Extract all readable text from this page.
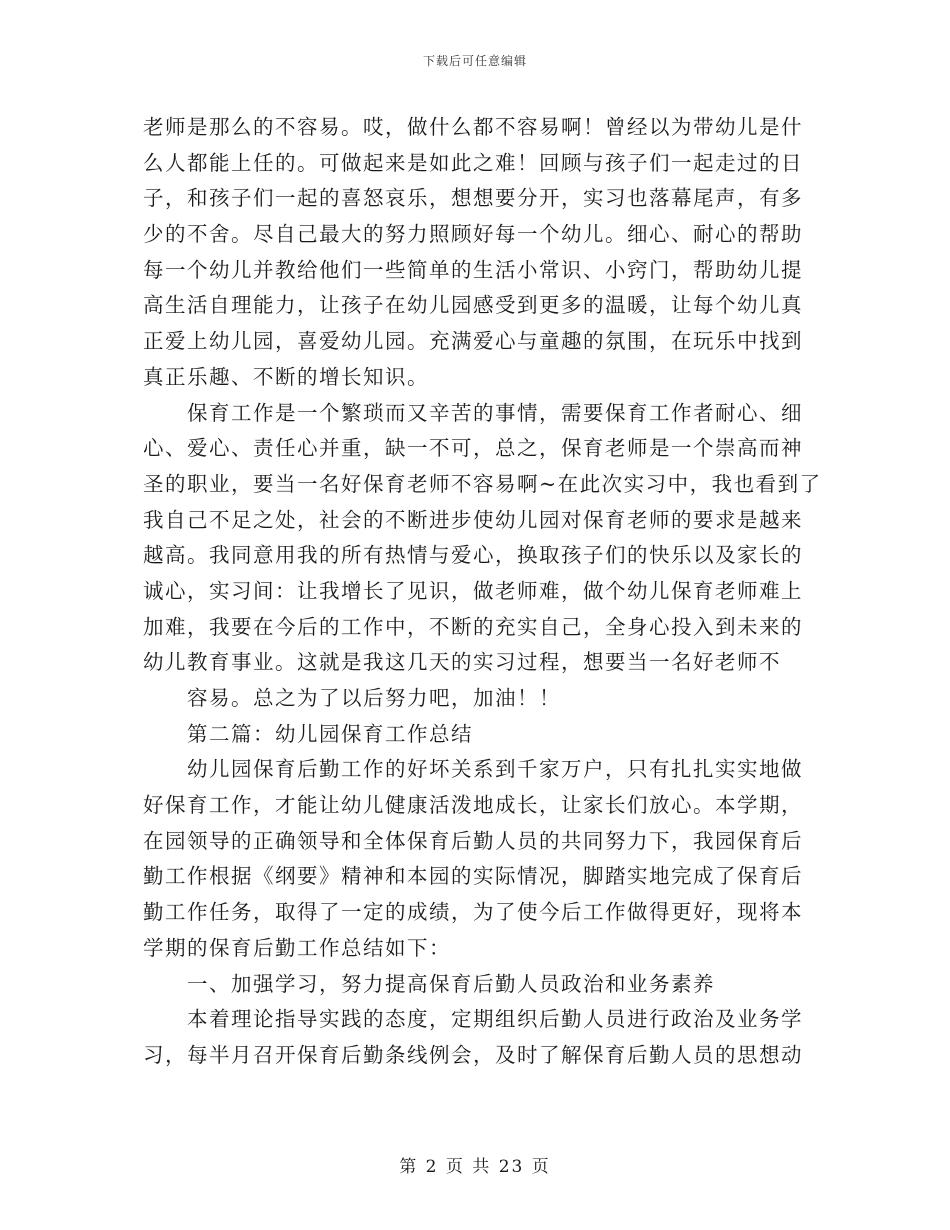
下载后可任意编辑
老师是那么的不容易。哎，做什么都不容易啊！曾经以为带幼儿是什
么人都能上任的。可做起来是如此之难！回顾与孩子们一起走过的日
子，和孩子们一起的喜怒哀乐，想想要分开，实习也落幕尾声，有多
少的不舍。尽自己最大的努力照顾好每一个幼儿。细心、耐心的帮助
每一个幼儿并教给他们一些简单的生活小常识、小窍门，帮助幼儿提
高生活自理能力，让孩子在幼儿园感受到更多的温暖，让每个幼儿真
正爱上幼儿园，喜爱幼儿园。充满爱心与童趣的氛围，在玩乐中找到
真正乐趣、不断的增长知识。
　　保育工作是一个繁琐而又辛苦的事情，需要保育工作者耐心、细
心、爱心、责任心并重，缺一不可，总之，保育老师是一个崇高而神
圣的职业，要当一名好保育老师不容易啊~在此次实习中，我也看到了
我自己不足之处，社会的不断进步使幼儿园对保育老师的要求是越来
越高。我同意用我的所有热情与爱心，换取孩子们的快乐以及家长的
诚心，实习间：让我增长了见识，做老师难，做个幼儿保育老师难上
加难，我要在今后的工作中，不断的充实自己，全身心投入到未来的
幼儿教育事业。这就是我这几天的实习过程，想要当一名好老师不
　　容易。总之为了以后努力吧，加油！！
　　第二篇：幼儿园保育工作总结
　　幼儿园保育后勤工作的好坏关系到千家万户，只有扎扎实实地做
好保育工作，才能让幼儿健康活泼地成长，让家长们放心。本学期，
在园领导的正确领导和全体保育后勤人员的共同努力下，我园保育后
勤工作根据《纲要》精神和本园的实际情况，脚踏实地完成了保育后
勤工作任务，取得了一定的成绩，为了使今后工作做得更好，现将本
学期的保育后勤工作总结如下：
　　一、加强学习，努力提高保育后勤人员政治和业务素养
　　本着理论指导实践的态度，定期组织后勤人员进行政治及业务学
习，每半月召开保育后勤条线例会，及时了解保育后勤人员的思想动
第 2 页 共 23 页
